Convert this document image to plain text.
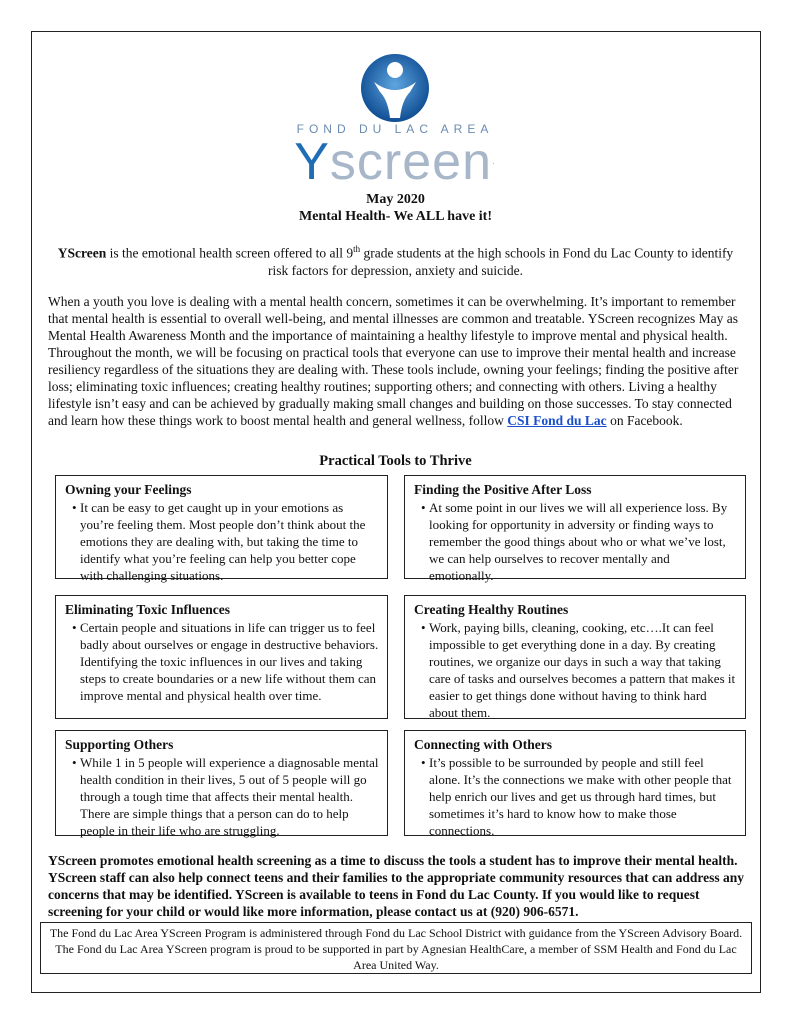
FOND DU LAC AREA
Yscreen.
May 2020
Mental Health- We ALL have it!
YScreen is the emotional health screen offered to all 9th grade students at the high schools in Fond du Lac County to identify risk factors for depression, anxiety and suicide.
When a youth you love is dealing with a mental health concern, sometimes it can be overwhelming. It’s important to remember that mental health is essential to overall well-being, and mental illnesses are common and treatable. YScreen recognizes May as Mental Health Awareness Month and the importance of maintaining a healthy lifestyle to improve mental and physical health. Throughout the month, we will be focusing on practical tools that everyone can use to improve their mental health and increase resiliency regardless of the situations they are dealing with. These tools include, owning your feelings; finding the positive after loss; eliminating toxic influences; creating healthy routines; supporting others; and connecting with others. Living a healthy lifestyle isn’t easy and can be achieved by gradually making small changes and building on those successes. To stay connected and learn how these things work to boost mental health and general wellness, follow CSI Fond du Lac on Facebook.
Practical Tools to Thrive
Owning your Feelings
• It can be easy to get caught up in your emotions as you’re feeling them. Most people don’t think about the emotions they are dealing with, but taking the time to identify what you’re feeling can help you better cope with challenging situations.
Finding the Positive After Loss
• At some point in our lives we will all experience loss. By looking for opportunity in adversity or finding ways to remember the good things about who or what we’ve lost, we can help ourselves to recover mentally and emotionally.
Eliminating Toxic Influences
• Certain people and situations in life can trigger us to feel badly about ourselves or engage in destructive behaviors. Identifying the toxic influences in our lives and taking steps to create boundaries or a new life without them can improve mental and physical health over time.
Creating Healthy Routines
• Work, paying bills, cleaning, cooking, etc….It can feel impossible to get everything done in a day. By creating routines, we organize our days in such a way that taking care of tasks and ourselves becomes a pattern that makes it easier to get things done without having to think hard about them.
Supporting Others
• While 1 in 5 people will experience a diagnosable mental health condition in their lives, 5 out of 5 people will go through a tough time that affects their mental health. There are simple things that a person can do to help people in their life who are struggling.
Connecting with Others
• It’s possible to be surrounded by people and still feel alone. It’s the connections we make with other people that help enrich our lives and get us through hard times, but sometimes it’s hard to know how to make those connections.
YScreen promotes emotional health screening as a time to discuss the tools a student has to improve their mental health. YScreen staff can also help connect teens and their families to the appropriate community resources that can address any concerns that may be identified. YScreen is available to teens in Fond du Lac County. If you would like to request screening for your child or would like more information, please contact us at (920) 906-6571.
The Fond du Lac Area YScreen Program is administered through Fond du Lac School District with guidance from the YScreen Advisory Board. The Fond du Lac Area YScreen program is proud to be supported in part by Agnesian HealthCare, a member of SSM Health and Fond du Lac Area United Way.
